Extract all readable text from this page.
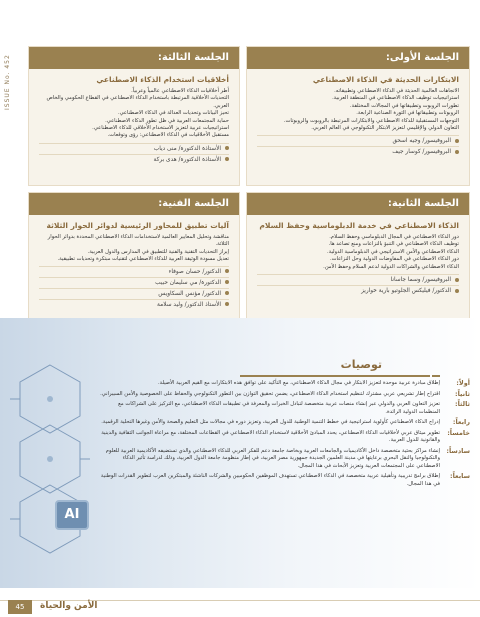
ISSUE No. 452	الجلسة الأولى:
الابتكارات الحديثة في الذكاء الاصطناعي
الاتجاهات العالمية الحديثة في الذكاء الاصطناعي وتطبيقاته.
استراتيجيات توظيف الذكاء الاصطناعي في المنطقة العربية.
تطورات الروبوت وتطبيقاتها في المجالات المختلفة.
الروبوتات وتطبيقاتها في الثورة الصناعية الرابعة.
التوجهات المستقبلية للذكاء الاصطناعي والابتكارات المرتبطة بالروبوت والروبوتات.
التعاون الدولي والإقليمي لتعزيز الابتكار التكنولوجي في العالم العربي.
البروفيسور/ وجيه اسحق
البروفيسور/ كوسار جيف
الجلسة الثالثة:
أخلاقيات استخدام الذكاء الاصطناعي
أطر أخلاقيات الذكاء الاصطناعي عالمياً وعربياً.
التحديات الأخلاقية المرتبطة باستخدام الذكاء الاصطناعي في القطاع الحكومي والخاص العربي.
تحيز البيانات وتحديات العدالة في الذكاء الاصطناعي.
حماية المجتمعات العربية في ظل تطور الذكاء الاصطناعي.
استراتيجيات عربية لتعزيز الاستخدام الأخلاقي للذكاء الاصطناعي.
مستقبل الأخلاقيات في الذكاء الاصطناعي: رؤى وتوقعات.
الأستاذة الدكتورة/ منى دياب
الأستاذة الدكتورة/ هدى بركة
الجلسة الثانية:
الذكاء الاصطناعي في خدمة الدبلوماسية وحفظ السلام
دور الذكاء الاصطناعي في المجال الدبلوماسي وحفظ السلام.
توظيف الذكاء الاصطناعي في التنبؤ بالنزاعات ومنع تصاعد ها.
الذكاء الاصطناعي والأمن الاستراتيجي في الدبلوماسية الدولية.
دور الذكاء الاصطناعي في المفاوضات الدولية وحل النزاعات.
الذكاء الاصطناعي والشراكات الدولية لدعم السلام وحفظ الأمن.
البروفيسور/ وسما جاسانا
الدكتور/ فيليكس الجلوتيو بارية خواريز
الجلسة الفنية:
آليات تطبيق للمحاور الرئيسية لدوائر الحوار الثلاثة
مناقشة وتحليل المعايير العالمية لاستخدامات الذكاء الاصطناعي المحددة بدوائر الحوار الثلاثة.
إبراز التحديات التقنية والفنية للتطبيق في المدارس والدول العربية.
تعديل مسودة الوثيقة العربية للذكاء الاصطناعي لتقنيات مبتكرة وتحديات تطبيقية.
الدكتور/ حسان صوفاء
الدكتورة/ مي سليمان حبيب
الدكتور/ مؤنس السكاويس
الأستاذ الدكتور/ وليد سلامة
AI
توصيات
أولاً:
إطلاق مبادرة عربية موحدة لتعزيز الابتكار في مجال الذكاء الاصطناعي، مع التأكيد على توافق هذه الابتكارات مع القيم العربية الأصيلة.
ثانياً:
اقتراح إطار تشريعي عربي مشترك لتنظيم استخدام الذكاء الاصطناعي، يضمن تحقيق التوازن بين التطور التكنولوجي والحفاظ على الخصوصية والأمن السيبراني.
ثالثاً:
تعزيز التعاون العربي والدولي عبر إنشاء منصات عربية متخصصة لتبادل الخبرات والمعرفة في تطبيقات الذكاء الاصطناعي، مع التركيز على الشراكات مع المنظمات الدولية الرائدة.
رابعاً:
إدراج الذكاء الاصطناعي كأولوية استراتيجية في خطط التنمية الوطنية للدول العربية، وتعزيز دوره في مجالات مثل التعليم والصحة والأمن وغيرها التحلية الرقمية.
خامساً:
تطوير ميثاق عربي لأخلاقيات الذكاء الاصطناعي، يحدد المبادئ الأخلاقية لاستخدام الذكاء الاصطناعي في القطاعات المختلفة، مع مراعاة الجوانب الثقافية والدينية والقانونية للدول العربية.
سادساً:
إنشاء مراكز بحثية متخصصة داخل الأكاديميات والجامعات العربية وبخاصة جامعة دعم للفكر العربي للذكاء الاصطناعي والذي تستضيفه الأكاديمية العربية للعلوم والتكنولوجيا والنقل البحري برعايتها في مدينة العلمين الجديدة جمهورية مصر العربية، في إطار منظومة جامعة الدول العربية، وذلك لدراسة تأثير الذكاء الاصطناعي على المجتمعات العربية وتعزيز الأبحاث في هذا المجال.
سابعاً:
إطلاق برامج تدريبية وتأهيلية عربية متخصصة في الذكاء الاصطناعي تستهدف الموظفين الحكوميين والشركات الناشئة والمبتكرين العرب لتطوير القدرات الوطنية في هذا المجال.
45	الأمن والحياة
